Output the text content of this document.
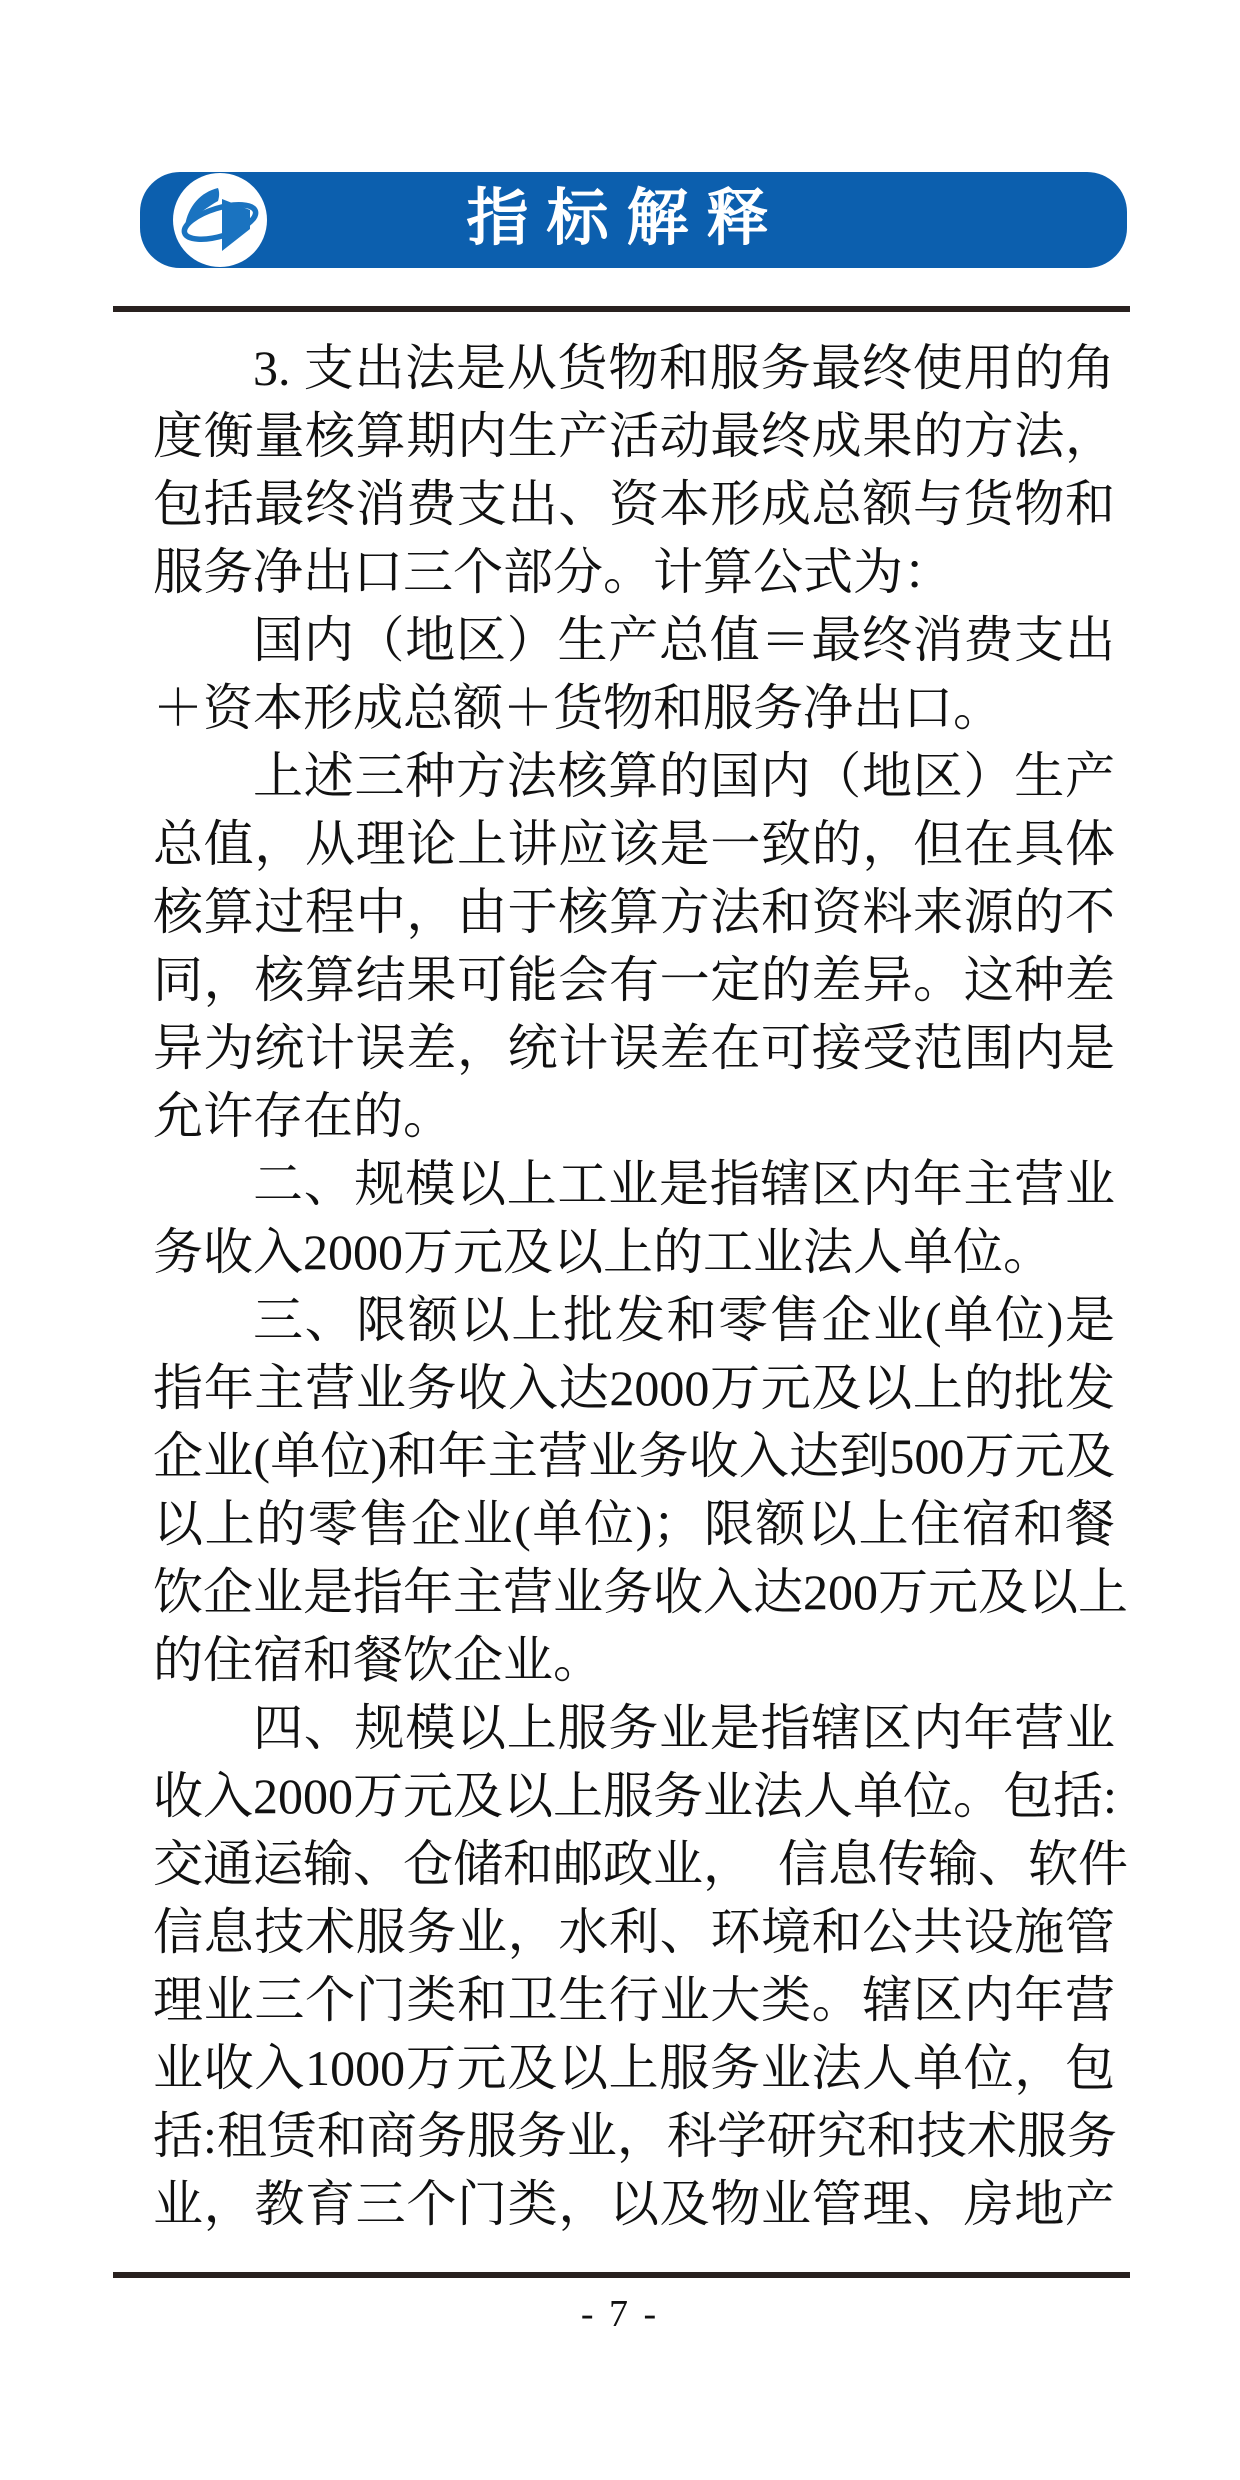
指标解释
3. 支出法是从货物和服务最终使用的角
度衡量核算期内生产活动最终成果的方法，
包括最终消费支出、资本形成总额与货物和
服务净出口三个部分。计算公式为：
国内（地区）生产总值＝最终消费支出
＋资本形成总额＋货物和服务净出口。
上述三种方法核算的国内（地区）生产
总值，从理论上讲应该是一致的，但在具体
核算过程中，由于核算方法和资料来源的不
同，核算结果可能会有一定的差异。这种差
异为统计误差，统计误差在可接受范围内是
允许存在的。
二、规模以上工业是指辖区内年主营业
务收入2000万元及以上的工业法人单位。
三、限额以上批发和零售企业(单位)是
指年主营业务收入达2000万元及以上的批发
企业(单位)和年主营业务收入达到500万元及
以上的零售企业(单位)；限额以上住宿和餐
饮企业是指年主营业务收入达200万元及以上
的住宿和餐饮企业。
四、规模以上服务业是指辖区内年营业
收入2000万元及以上服务业法人单位。包括:
交通运输、仓储和邮政业，　信息传输、软件
信息技术服务业，水利、环境和公共设施管
理业三个门类和卫生行业大类。辖区内年营
业收入1000万元及以上服务业法人单位，包
括:租赁和商务服务业，科学研究和技术服务
业，教育三个门类，以及物业管理、房地产
- 7 -
